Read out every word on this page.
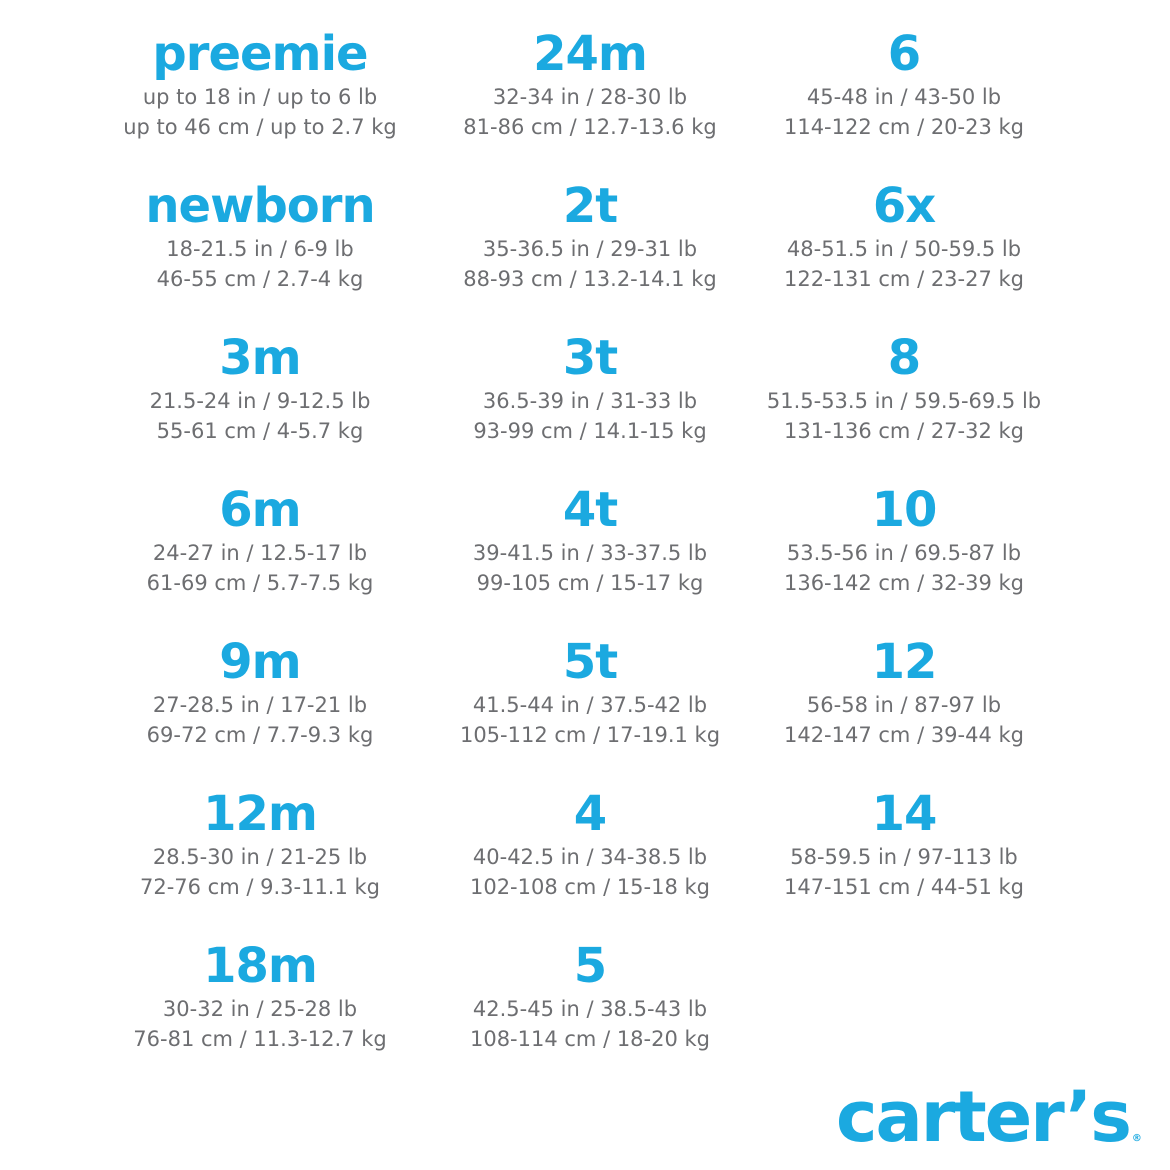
preemie
up to 18 in / up to 6 lb
up to 46 cm / up to 2.7 kg
newborn
18-21.5 in / 6-9 lb
46-55 cm / 2.7-4 kg
3m
21.5-24 in / 9-12.5 lb
55-61 cm / 4-5.7 kg
6m
24-27 in / 12.5-17 lb
61-69 cm / 5.7-7.5 kg
9m
27-28.5 in / 17-21 lb
69-72 cm / 7.7-9.3 kg
12m
28.5-30 in / 21-25 lb
72-76 cm / 9.3-11.1 kg
18m
30-32 in / 25-28 lb
76-81 cm / 11.3-12.7 kg
24m
32-34 in / 28-30 lb
81-86 cm / 12.7-13.6 kg
2t
35-36.5 in / 29-31 lb
88-93 cm / 13.2-14.1 kg
3t
36.5-39 in / 31-33 lb
93-99 cm / 14.1-15 kg
4t
39-41.5 in / 33-37.5 lb
99-105 cm / 15-17 kg
5t
41.5-44 in / 37.5-42 lb
105-112 cm / 17-19.1 kg
4
40-42.5 in / 34-38.5 lb
102-108 cm / 15-18 kg
5
42.5-45 in / 38.5-43 lb
108-114 cm / 18-20 kg
6
45-48 in / 43-50 lb
114-122 cm / 20-23 kg
6x
48-51.5 in / 50-59.5 lb
122-131 cm / 23-27 kg
8
51.5-53.5 in / 59.5-69.5 lb
131-136 cm / 27-32 kg
10
53.5-56 in / 69.5-87 lb
136-142 cm / 32-39 kg
12
56-58 in / 87-97 lb
142-147 cm / 39-44 kg
14
58-59.5 in / 97-113 lb
147-151 cm / 44-51 kg
carter’s ®
